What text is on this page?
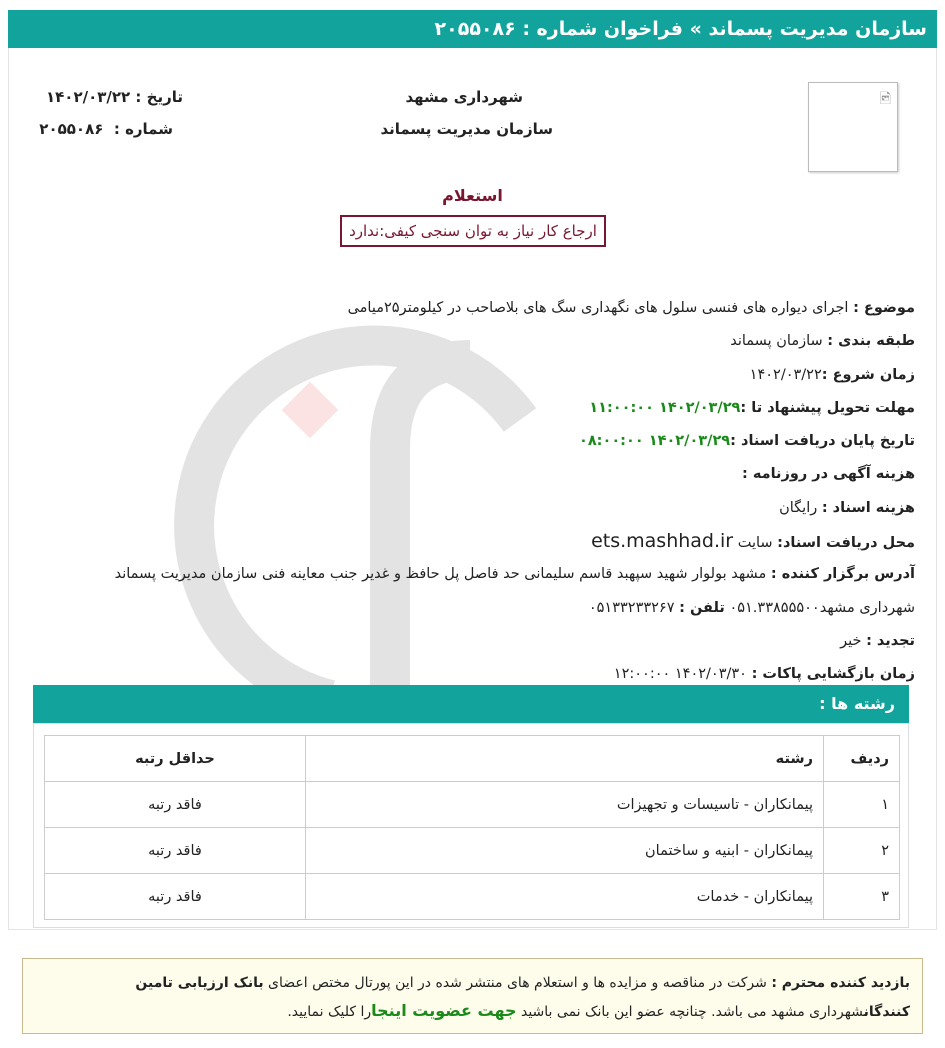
سازمان مدیریت پسماند » فراخوان شماره : ۲۰۵۵۰۸۶
🖻
شهرداری مشهد
سازمان مدیریت پسماند
تاریخ : ۱۴۰۲/۰۳/۲۲
شماره :  ۲۰۵۵۰۸۶
استعلام
ارجاع کار نیاز به توان سنجی کیفی:ندارد
موضوع : اجرای دیواره های فنسی سلول های نگهداری سگ های بلاصاحب در کیلومتر۲۵میامی
طبقه بندی : سازمان پسماند
زمان شروع :۱۴۰۲/۰۳/۲۲
مهلت تحویل پیشنهاد تا :۱۴۰۲/۰۳/۲۹ ۱۱:۰۰:۰۰
تاریخ پایان دریافت اسناد :۱۴۰۲/۰۳/۲۹ ۰۸:۰۰:۰۰
هزینه آگهی در روزنامه :
هزینه اسناد : رایگان
محل دریافت اسناد: سایت ets.mashhad.ir
آدرس برگزار کننده : مشهد بولوار شهید سپهبد قاسم سلیمانی حد فاصل پل حافظ و غدیر جنب معاینه فنی سازمان مدیریت پسماند
شهرداری مشهد۰۵۱.۳۳۸۵۵۵۰۰ تلفن : ۰۵۱۳۳۲۳۳۲۶۷
تجدید : خیر
زمان بازگشایی پاکات : ۱۴۰۲/۰۳/۳۰ ۱۲:۰۰:۰۰
رشته ها :
ردیف	رشته	حداقل رتبه
۱	پیمانکاران - تاسیسات و تجهیزات	فاقد رتبه
۲	پیمانکاران - ابنیه و ساختمان	فاقد رتبه
۳	پیمانکاران - خدمات	فاقد رتبه
بازدید کننده محترم : شرکت در مناقصه و مزایده ها و استعلام های منتشر شده در این پورتال مختص اعضای بانک ارزیابی تامین کنندگانشهرداری مشهد می باشد. چنانچه عضو این بانک نمی باشید جهت عضویت اینجارا کلیک نمایید.
